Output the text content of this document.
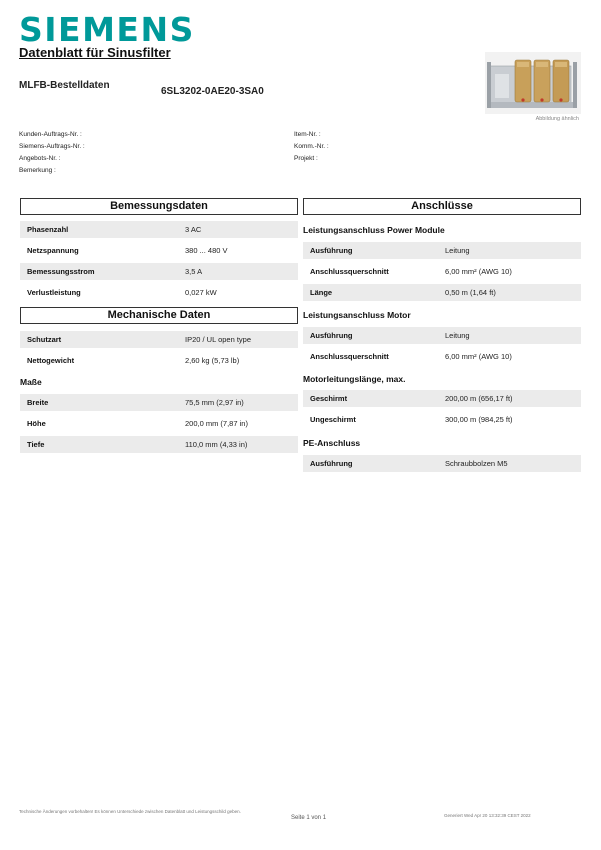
SIEMENS
Datenblatt für Sinusfilter
MLFB-Bestelldaten
6SL3202-0AE20-3SA0
Abbildung ähnlich
Kunden-Auftrags-Nr. :
Siemens-Auftrags-Nr. :
Angebots-Nr. :
Bemerkung :
Item-Nr. :
Komm.-Nr. :
Projekt :
Bemessungsdaten
Phasenzahl	3 AC
Netzspannung	380 ... 480 V
Bemessungsstrom	3,5 A
Verlustleistung	0,027 kW
Mechanische Daten
Schutzart	IP20 / UL open type
Nettogewicht	2,60 kg (5,73 lb)
Maße
Breite	75,5 mm (2,97 in)
Höhe	200,0 mm (7,87 in)
Tiefe	110,0 mm (4,33 in)
Anschlüsse
Leistungsanschluss Power Module
Ausführung	Leitung
Anschlussquerschnitt	6,00 mm² (AWG 10)
Länge	0,50 m (1,64 ft)
Leistungsanschluss Motor
Ausführung	Leitung
Anschlussquerschnitt	6,00 mm² (AWG 10)
Motorleitungslänge, max.
Geschirmt	200,00 m (656,17 ft)
Ungeschirmt	300,00 m (984,25 ft)
PE-Anschluss
Ausführung	Schraubbolzen M5
Technische Änderungen vorbehalten! Es können Unterschiede zwischen Datenblatt und Leistungsschild geben.
Seite 1 von 1	Generiert Wed Apr 20 13:32:39 CEST 2022
